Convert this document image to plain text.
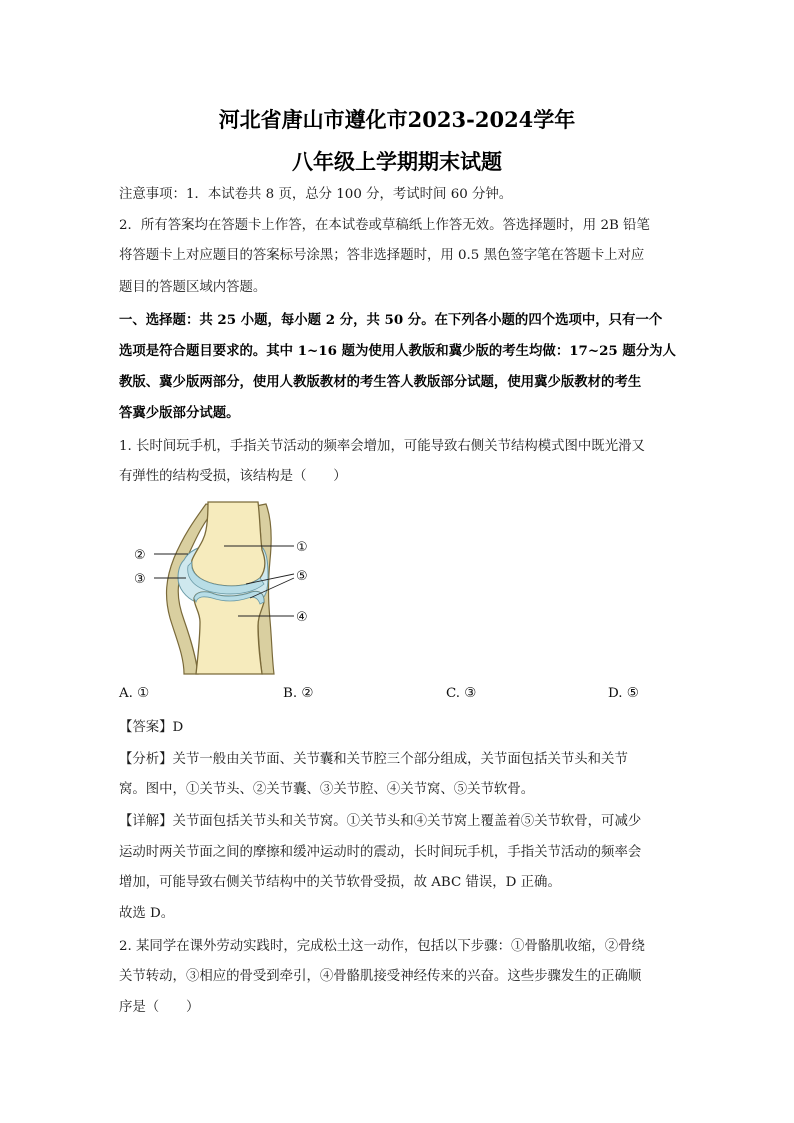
河北省唐山市遵化市2023-2024学年
八年级上学期期末试题
注意事项：1．本试卷共 8 页，总分 100 分，考试时间 60 分钟。
2．所有答案均在答题卡上作答，在本试卷或草稿纸上作答无效。答选择题时，用 2B 铅笔
将答题卡上对应题目的答案标号涂黑；答非选择题时，用 0.5 黑色签字笔在答题卡上对应
题目的答题区域内答题。
一、选择题：共 25 小题，每小题 2 分，共 50 分。在下列各小题的四个选项中，只有一个
选项是符合题目要求的。其中 1~16 题为使用人教版和冀少版的考生均做：17~25 题分为人
教版、冀少版两部分，使用人教版教材的考生答人教版部分试题，使用冀少版教材的考生
答冀少版部分试题。
1. 长时间玩手机，手指关节活动的频率会增加，可能导致右侧关节结构模式图中既光滑又
有弹性的结构受损，该结构是（　　）
①
②
③
④
⑤
A. ①	B. ②	C. ③	D. ⑤
【答案】D
【分析】关节一般由关节面、关节囊和关节腔三个部分组成，关节面包括关节头和关节
窝。图中，①关节头、②关节囊、③关节腔、④关节窝、⑤关节软骨。
【详解】关节面包括关节头和关节窝。①关节头和④关节窝上覆盖着⑤关节软骨，可减少
运动时两关节面之间的摩擦和缓冲运动时的震动，长时间玩手机，手指关节活动的频率会
增加，可能导致右侧关节结构中的关节软骨受损，故 ABC 错误，D 正确。
故选 D。
2. 某同学在课外劳动实践时，完成松土这一动作，包括以下步骤：①骨骼肌收缩，②骨绕
关节转动，③相应的骨受到牵引，④骨骼肌接受神经传来的兴奋。这些步骤发生的正确顺
序是（　　）
